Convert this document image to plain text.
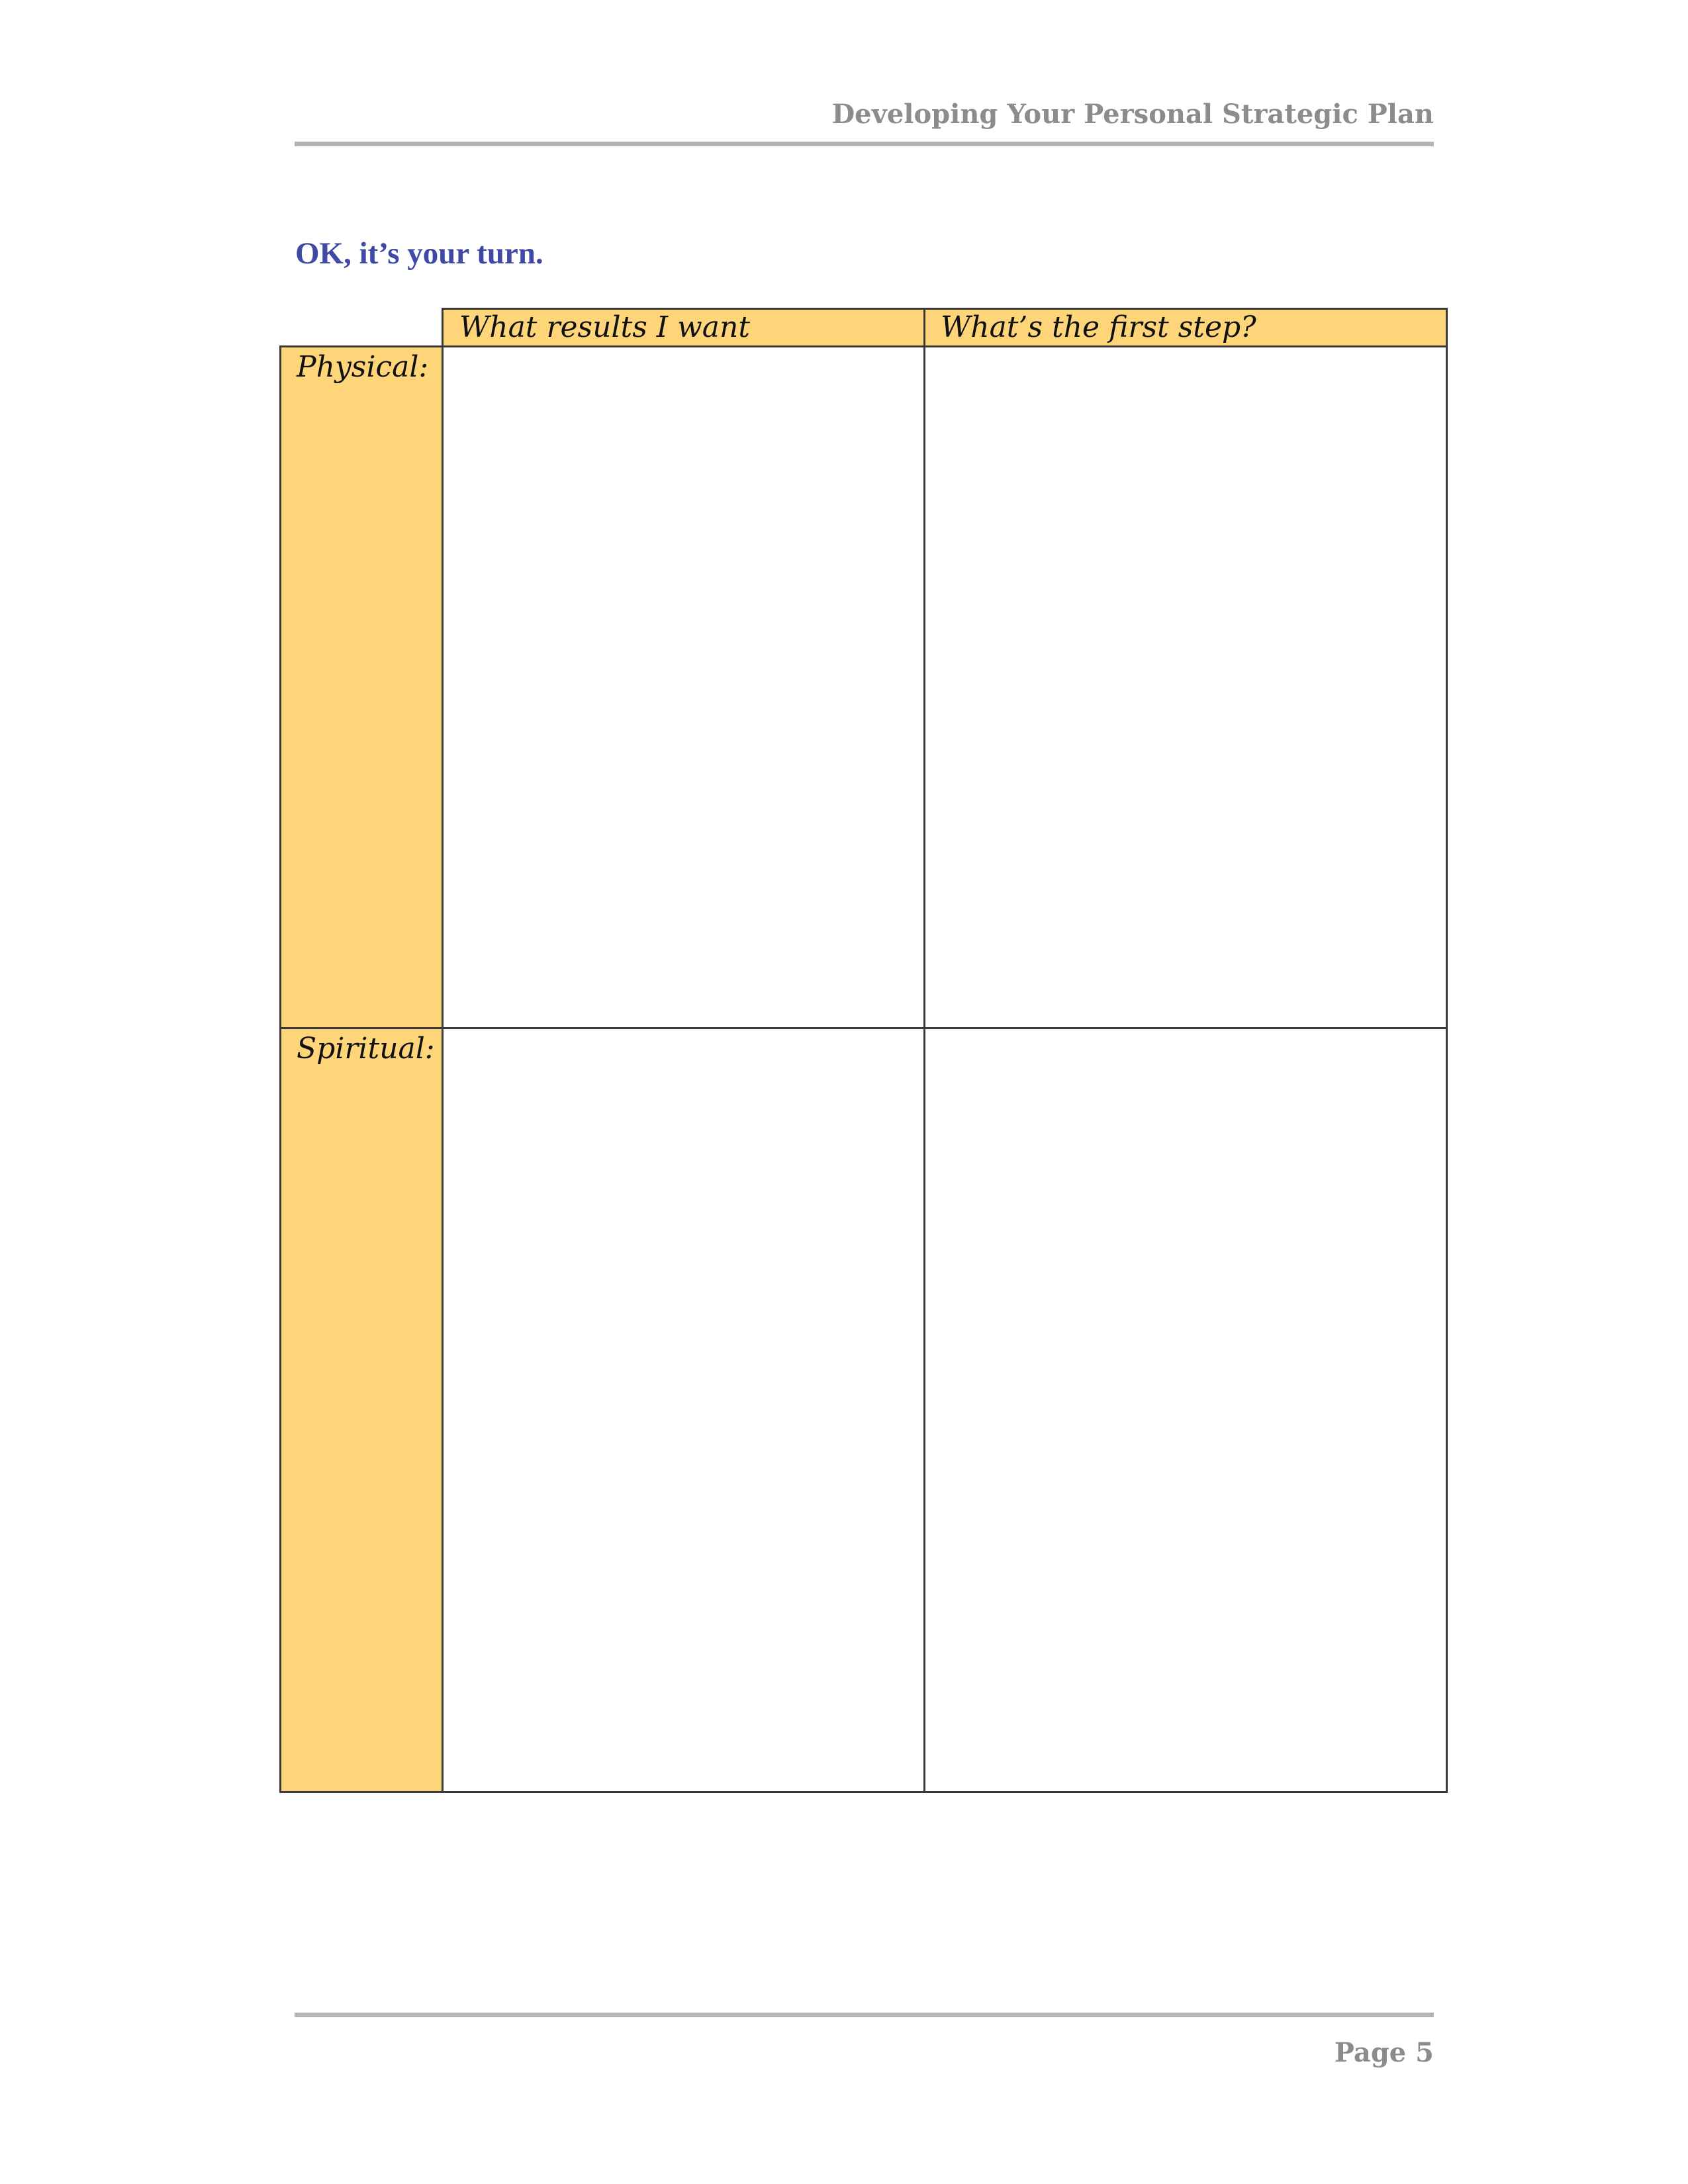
Developing Your Personal Strategic Plan
OK, it’s your turn.
What results I want	What’s the first step?
Physical:
Spiritual:
Page 5
